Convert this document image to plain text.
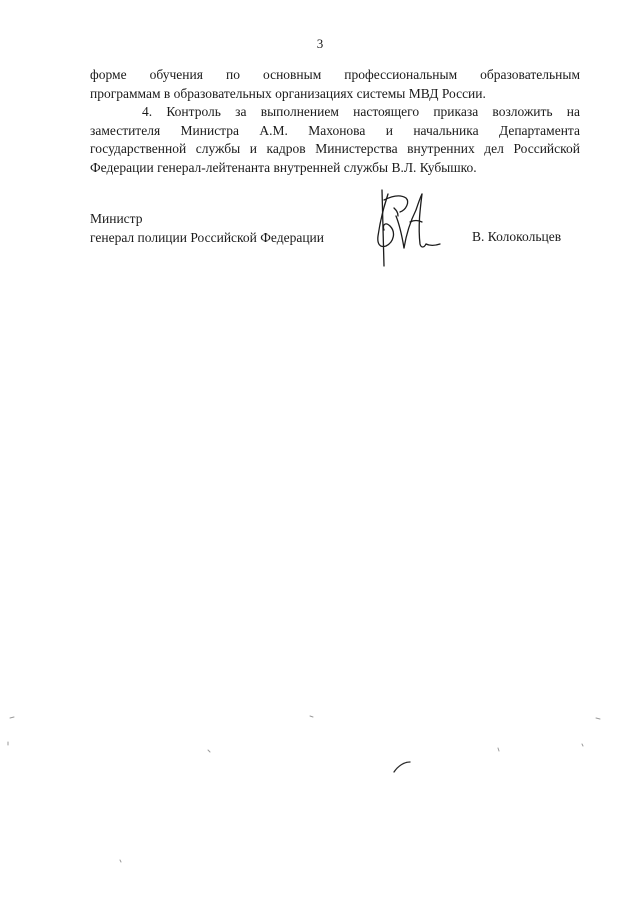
3
форме обучения по основным профессиональным образовательным
программам в образовательных организациях системы МВД России.
4. Контроль за выполнением настоящего приказа возложить на
заместителя Министра А.М. Махонова и начальника Департамента
государственной службы и кадров Министерства внутренних дел Российской
Федерации генерал-лейтенанта внутренней службы В.Л. Кубышко.
Министр
генерал полиции Российской Федерации	В. Колокольцев
